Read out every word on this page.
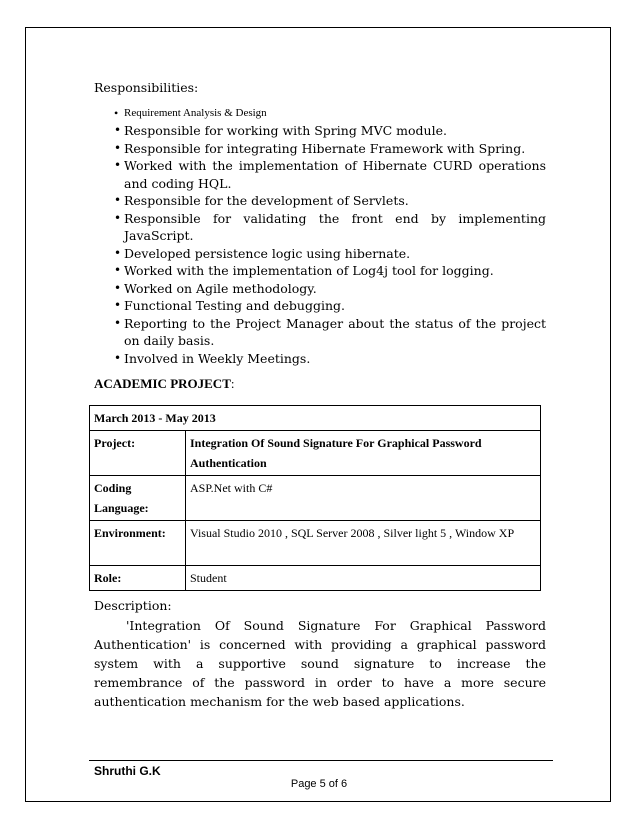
Responsibilities:
• Requirement Analysis & Design
• Responsible for working with Spring MVC module.
• Responsible for integrating Hibernate Framework with Spring.
• Worked with the implementation of Hibernate CURD operations and coding HQL.
• Responsible for the development of Servlets.
• Responsible for validating the front end by implementing JavaScript.
• Developed persistence logic using hibernate.
• Worked with the implementation of Log4j tool for logging.
• Worked on Agile methodology.
• Functional Testing and debugging.
• Reporting to the Project Manager about the status of the project on daily basis.
• Involved in Weekly Meetings.
ACADEMIC PROJECT:
March 2013 - May 2013	
Project:	Integration Of Sound Signature For Graphical Password Authentication
Coding Language:	ASP.Net with C#
Environment:	Visual Studio 2010 , SQL Server 2008 , Silver light 5 , Window XP
Role:	Student
Description:

'Integration Of Sound Signature For Graphical Password Authentication' is concerned with providing a graphical password system with a supportive sound signature to increase the remembrance of the password in order to have a more secure authentication mechanism for the web based applications.

Shruthi G.K
Page 5 of 6
